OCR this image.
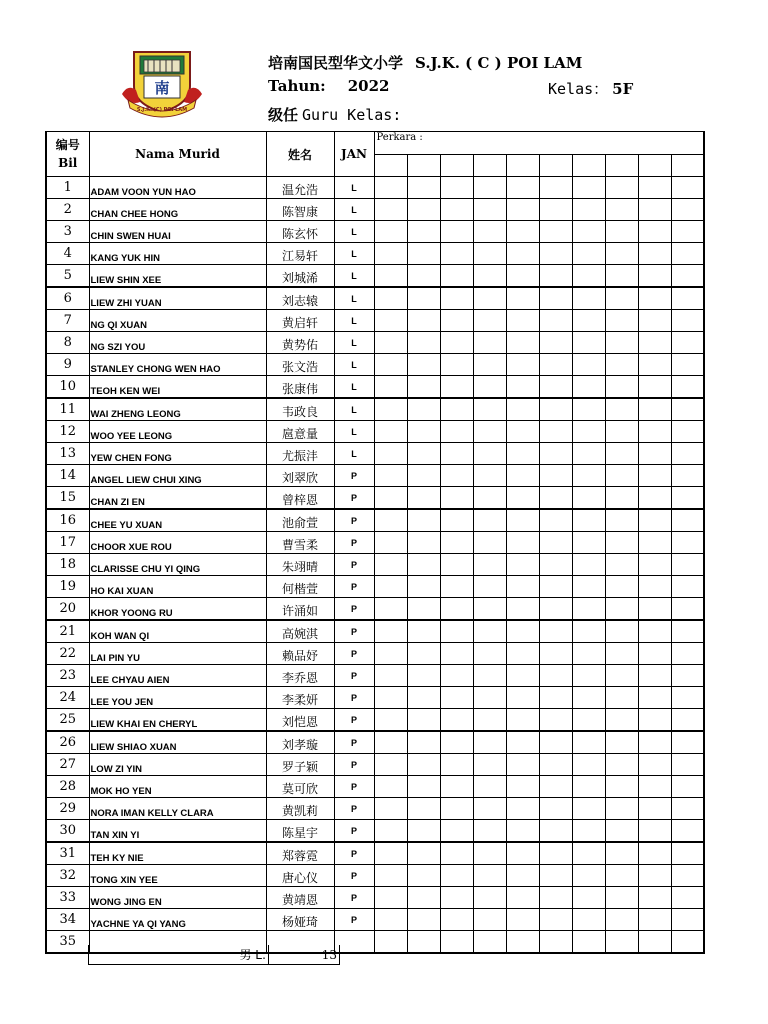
南
S.J.K. (C) POI LAM
培南国民型华文小学 S.J.K. ( C ) POI LAM
Tahun: 2022	Kelas： 5F
级任 Guru Kelas:
编号
Bil	Nama Murid	姓名	JAN	Perkara :									

1	ADAM VOON YUN HAO	温允浩	L										
2	CHAN CHEE HONG	陈智康	L										
3	CHIN SWEN HUAI	陈玄怀	L										
4	KANG YUK HIN	江易轩	L										
5	LIEW SHIN XEE	刘城浠	L										
6	LIEW ZHI YUAN	刘志辕	L										
7	NG QI XUAN	黄启轩	L										
8	NG SZI YOU	黄势佑	L										
9	STANLEY CHONG WEN HAO	张文浩	L										
10	TEOH KEN WEI	张康伟	L										
11	WAI ZHENG LEONG	韦政良	L										
12	WOO YEE LEONG	扈意量	L										
13	YEW CHEN FONG	尤振沣	L										
14	ANGEL LIEW CHUI XING	刘翠欣	P										
15	CHAN ZI EN	曾梓恩	P										
16	CHEE YU XUAN	池俞萱	P										
17	CHOOR XUE ROU	曹雪柔	P										
18	CLARISSE CHU YI QING	朱翊晴	P										
19	HO KAI XUAN	何楷萱	P										
20	KHOR YOONG RU	许涌如	P										
21	KOH WAN QI	高婉淇	P										
22	LAI PIN YU	赖品妤	P										
23	LEE CHYAU AIEN	李乔恩	P										
24	LEE YOU JEN	李柔妍	P										
25	LIEW KHAI EN CHERYL	刘恺恩	P										
26	LIEW SHIAO XUAN	刘孝璇	P										
27	LOW ZI YIN	罗子颖	P										
28	MOK HO YEN	莫可欣	P										
29	NORA IMAN KELLY CLARA	黄凯莉	P										
30	TAN XIN YI	陈星宇	P										
31	TEH KY NIE	郑蓉霓	P										
32	TONG XIN YEE	唐心仪	P										
33	WONG JING EN	黄靖恩	P										
34	YACHNE YA QI YANG	杨娅琦	P										
35													
男 L:	13
